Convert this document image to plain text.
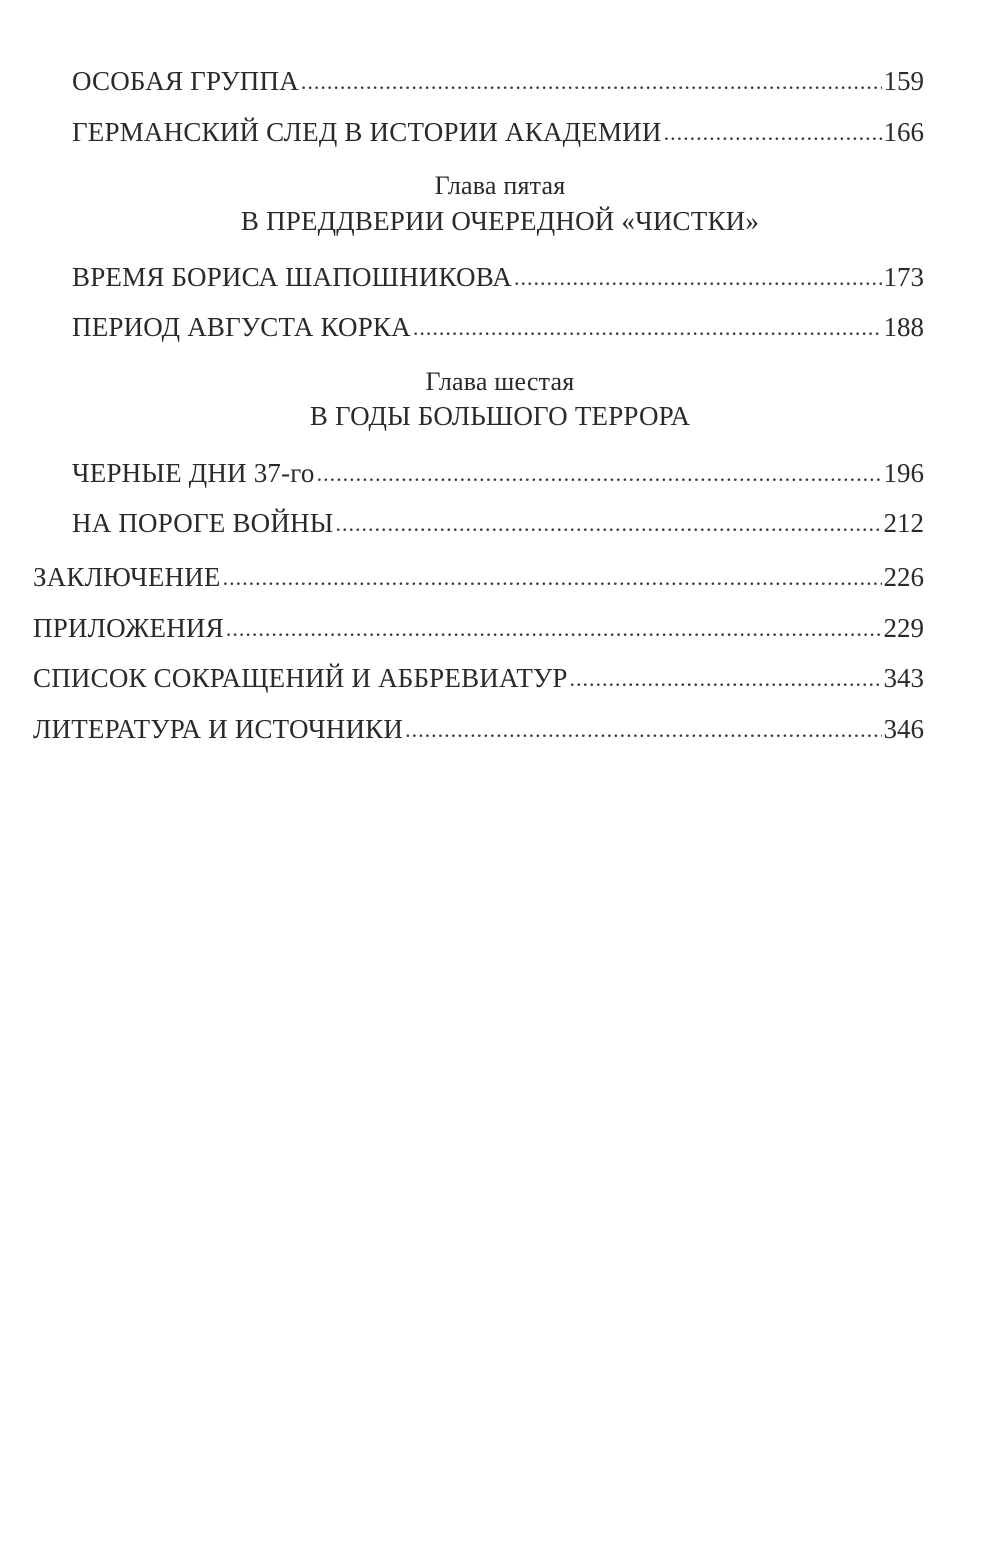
ОСОБАЯ ГРУППА .....	159
ГЕРМАНСКИЙ СЛЕД В ИСТОРИИ АКАДЕМИИ .....	166
Глава пятая
В ПРЕДДВЕРИИ ОЧЕРЕДНОЙ «ЧИСТКИ»
ВРЕМЯ БОРИСА ШАПОШНИКОВА .....	173
ПЕРИОД АВГУСТА КОРКА .....	188
Глава шестая
В ГОДЫ БОЛЬШОГО ТЕРРОРА
ЧЕРНЫЕ ДНИ 37-го .....	196
НА ПОРОГЕ ВОЙНЫ .....	212
ЗАКЛЮЧЕНИЕ .....	226
ПРИЛОЖЕНИЯ .....	229
СПИСОК СОКРАЩЕНИЙ И АББРЕВИАТУР .....	343
ЛИТЕРАТУРА И ИСТОЧНИКИ .....	346
